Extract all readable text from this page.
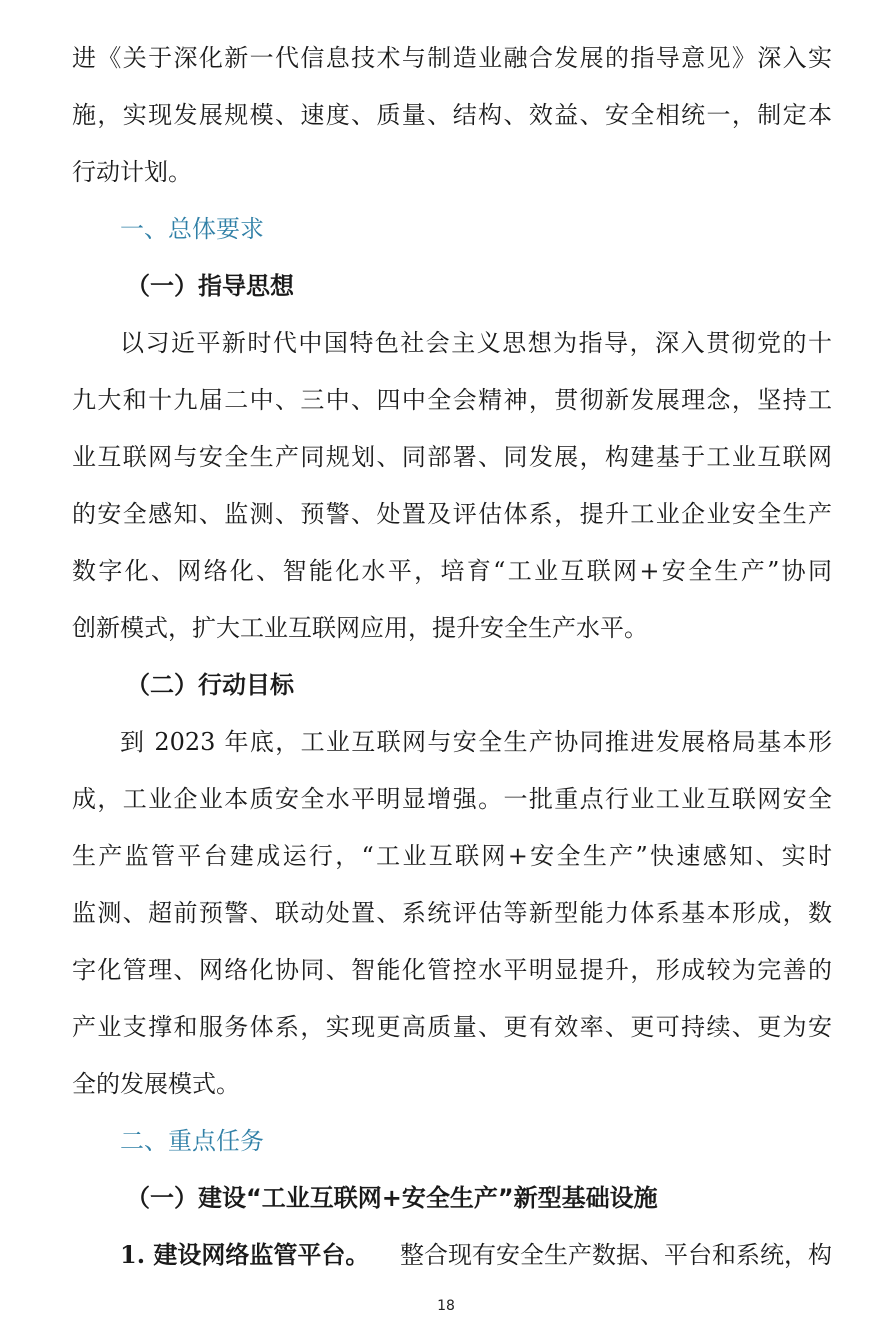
进《关于深化新一代信息技术与制造业融合发展的指导意见》深入实
施，实现发展规模、速度、质量、结构、效益、安全相统一，制定本
行动计划。
一、总体要求
（一）指导思想
以习近平新时代中国特色社会主义思想为指导，深入贯彻党的十
九大和十九届二中、三中、四中全会精神，贯彻新发展理念，坚持工
业互联网与安全生产同规划、同部署、同发展，构建基于工业互联网
的安全感知、监测、预警、处置及评估体系，提升工业企业安全生产
数字化、网络化、智能化水平，培育“工业互联网+安全生产”协同
创新模式，扩大工业互联网应用，提升安全生产水平。
（二）行动目标
到 2023 年底，工业互联网与安全生产协同推进发展格局基本形
成，工业企业本质安全水平明显增强。一批重点行业工业互联网安全
生产监管平台建成运行，“工业互联网+安全生产”快速感知、实时
监测、超前预警、联动处置、系统评估等新型能力体系基本形成，数
字化管理、网络化协同、智能化管控水平明显提升，形成较为完善的
产业支撑和服务体系，实现更高质量、更有效率、更可持续、更为安
全的发展模式。
二、重点任务
（一）建设“工业互联网+安全生产”新型基础设施
1. 建设网络监管平台。 整合现有安全生产数据、平台和系统，构
18
